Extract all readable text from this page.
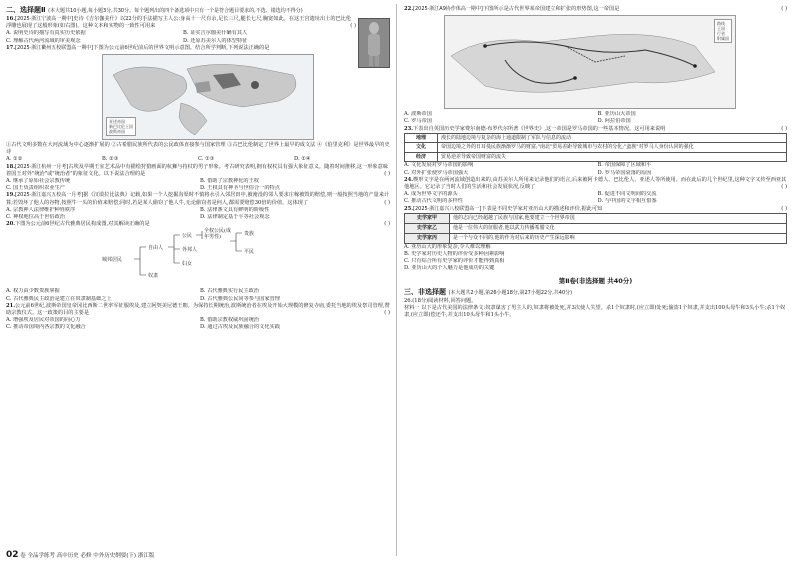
二、选择题Ⅱ (本大题共10小题,每小题3分,共30分。每个题列出的四个备选项中只有一个是符合题目要求的,不选、错选均不得分)

16.[2025·浙江宁波高一期中]史诗《吉尔伽美什》以22分的手法描写主人公:身高十一尺有余,足长三尺,腿长七尺,胸宽如此。在这王宫遗址出土的巴比伦浮雕也展现了这般形象(如右图)。这种文本和实物的一致性可用来	( )

A. 说明史诗的描写有真实历史依据	B. 证实吉尔伽美什确有其人
C. 理解古代两河流域的审美观念	D. 还原苏美尔人的体型特征

17.[2025·浙江衢州五校联盟高一期中]下图为公元前6世纪前后的世界文明示意图。结合所学判断,下列说法正确的是

亚述帝国
新巴比伦王国
波斯帝国

①古代文明多数在大河流域为中心逐渐扩展的 ②古希腊民族所代表的公民政体直接参与国家管理 ③古巴比伦制定了世界上最早的成文法 ④《伯里克利》是世界最早的史诗

A. ①②	B. ②③	C. ①③	D. ①④

18.[2025·浙江杭州一月考]古埃及早期王室艺术品中有描绘狩猎画面的杭狮与持杖的男子形象。考古研究表明,拥有权杖具有强大象征意义。随着时间推移,这一形象意味着国王对外"统治"或"统治者"的象征文化。以下说法合理的是	( )

A. 继承了原始社会宗教传统	B. 借助了宗教神化的王权
C. 国王负责组织农业生产	D. 王权具有神圣与世俗合一的特点

19.[2025·浙江嘉兴五校高一月考]据《汉谟拉比法典》记载,如果一个人挖掘沟渠时不慎将水引入邻居田中,被淹没的邻人要求庄稼被毁的赔偿,则一般按照当地的产量来计算;若毁坏了他人的谷物,按照牛一头的价值来赔偿;同时,若是某人偷窃了他人牛,无论偷窃者是何人,都需要赔偿30倍的价值。这体现了	( )

A. 宗教神人法律维护种姓秩序	B. 法律条文具有鲜明的阶级性
C. 神权地位高于世俗政治	D. 法律制定基于平等社会观念

20.下图为公元前6世纪古代雅典居民构成图,对其解读正确的是	( )

城邦居民
自由人
奴隶
公民
全权公民(成年男性)
外邦人
妇女
贵族
平民
A. 权力由少数贵族掌握	B. 古代雅典实行民主政治
C. 古代雅典民主政治是建立在奴隶制基础之上	D. 古代雅典公民同等参与国家管理

21.公元前6世纪,波斯帝国皇帝冈比西斯二世率军征服埃及,建立阿契美尼德王朝。为保持长期统治,波斯统治者在埃及开始大规模的修复寺庙,委托当地的埃及祭司管理,赞助宗教仪式。这一政策的目的主要是	( )

A. 增强埃及居民对帝国的向心力	B. 借助宗教权威巩固统治
C. 推动帝国境内各宗教的文化融合	D. 通过古埃及民族融合的文化实践

22.[2025·浙江A9协作体高一期中]下图所示是古代世界某帝国建立和扩张的形势图,这一帝国是	( )

路线
王国
行省
附属国
A. 波斯帝国	B. 亚历山大帝国
C. 罗马帝国	D. 阿拉伯帝国

23.下表出自英国历史学家费尔南德·布罗代尔所著《世界史》,这一帝国是罗马帝国的一些基本情况。这可用来说明	( )

地理	漫长的陆地边境与复杂的海上通道限制了军队与信息的流动
文化	帝国边境之外的日耳曼民族渐渐罗马的财富;"南北"贸易差距导致城市与农村的分化;"蛮族"对罗马人身份认同的强化
经济	贸易逆差导致帝国财富的流失
A. 文化发展对罗马帝国的影响	B. 帝国保障了区域和平
C. 对外扩张使罗马帝国强大	D. 罗马帝国衰落的原因

24.楔形文字是在两河流域创造出来的,由苏美尔人所用来记录他们的语言,后来被阿卡德人、巴比伦人、亚述人等所使用。而在此后的几个世纪里,这种文字又传至西亚其他地区。它记录了当时人们的生活和社会发展状况,反映了	( )

A. 成为世界文字的源头	B. 促进不同文明间的交流
C. 推动古代文明的多样性	D. 与中国的文字相互借鉴

25.[2025·浙江嘉兴八校联盟高一]下表是不同史学家对亚历山大的描述和评价,据此可知	( )

史学家甲	他的志向已经超越了民族与国家,他要建立一个世界帝国
史学家乙	他是一位伟大的征服者,他以武力传播希腊文化
史学家丙	是一个与众不同的,他的作为对后来的历史产生深远影响
A. 亚历山大的形象复杂,令人难以理解
B. 史学家对历史人物的评价受多种因素影响
C. 只有综合所有史学家的评价才能得到真相
D. 亚历山大的个人魅力是他成功的关键
第Ⅱ卷(非选择题 共40分)
三、非选择题 (本大题共2小题,第26小题18分,第27小题22分,共40分)

26.(18分)阅读材料,回答问题。

材料一 以下是古代美国的法律条文:奴隶谋害了男主人的,奴隶将被处死,并3次使人失望。杀1个奴隶时,(应立即)处死;偷盗1个奴隶,并支出100头母牛和3头小牛;杀1个奴隶,(应立即)偿还牛,并支出10头母牛和1头小牛。

02 卷 全品学练考 高中历史 必修 中外历史纲要(下) 浙江版
